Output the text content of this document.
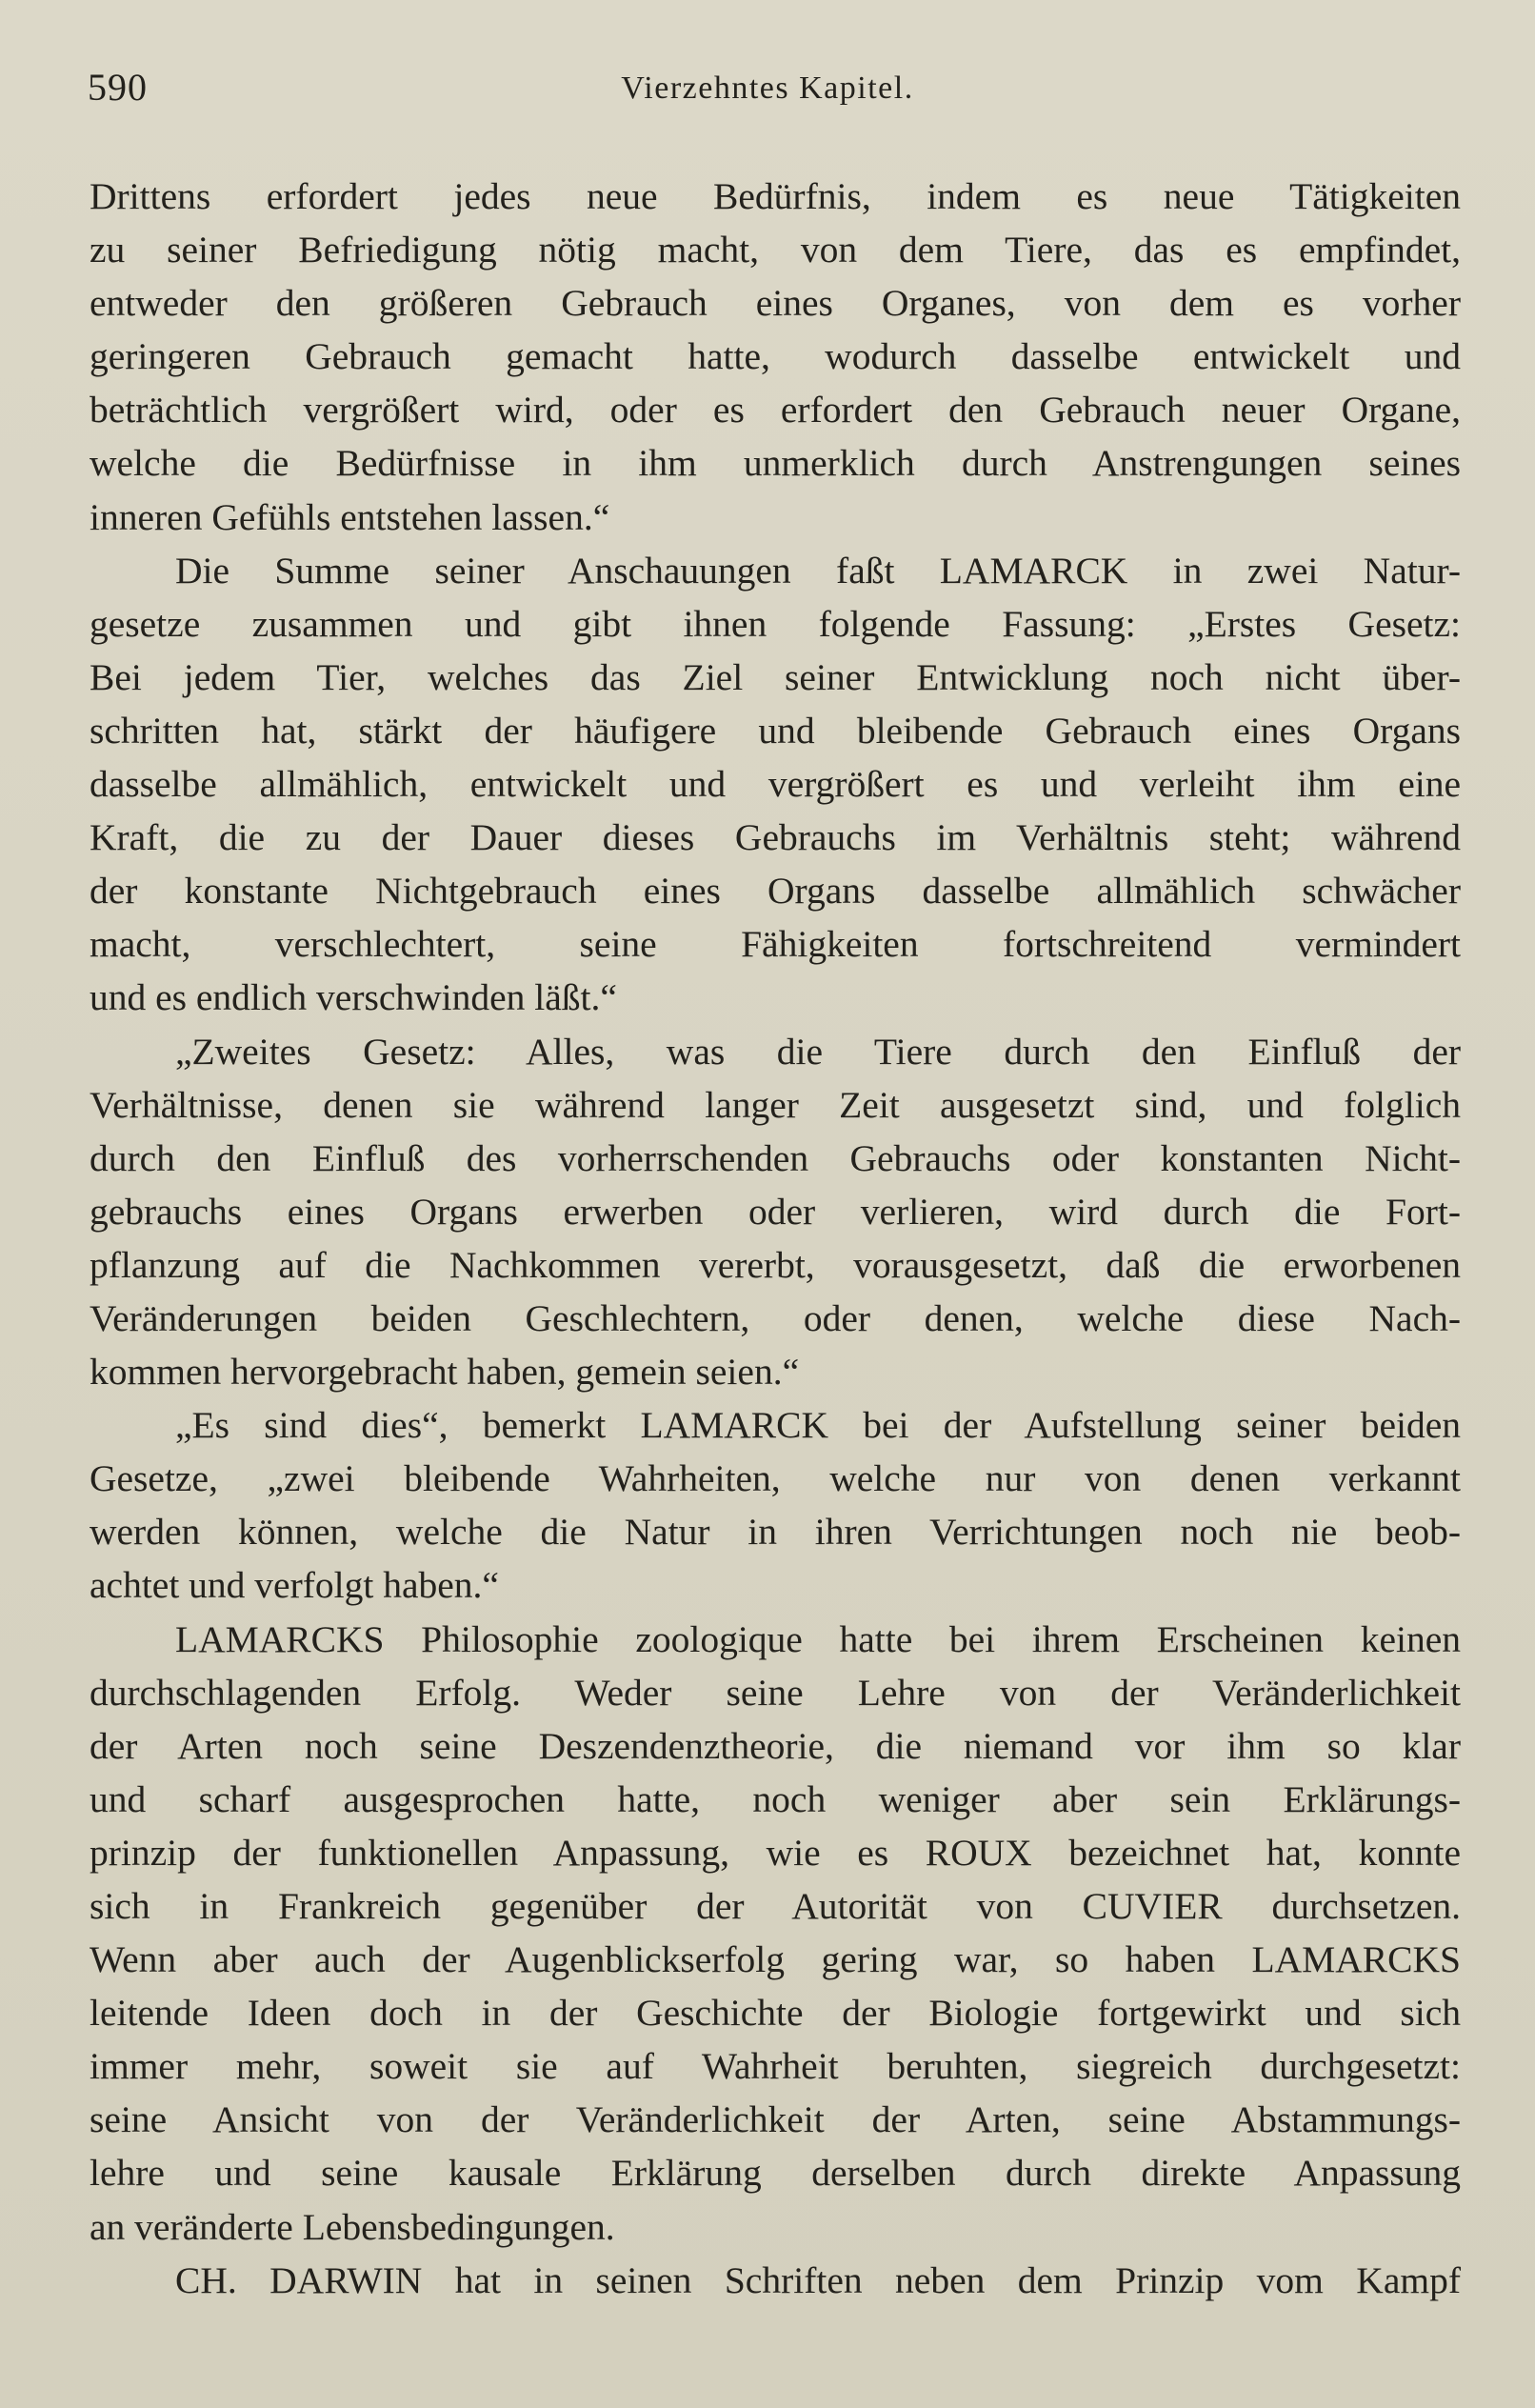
590	Vierzehntes Kapitel.
Drittens erfordert jedes neue Bedürfnis, indem es neue Tätigkeiten
zu seiner Befriedigung nötig macht, von dem Tiere, das es empfindet,
entweder den größeren Gebrauch eines Organes, von dem es vorher
geringeren Gebrauch gemacht hatte, wodurch dasselbe entwickelt und
beträchtlich vergrößert wird, oder es erfordert den Gebrauch neuer Organe,
welche die Bedürfnisse in ihm unmerklich durch Anstrengungen seines
inneren Gefühls entstehen lassen.“
Die Summe seiner Anschauungen faßt LAMARCK in zwei Natur-
gesetze zusammen und gibt ihnen folgende Fassung: „Erstes Gesetz:
Bei jedem Tier, welches das Ziel seiner Entwicklung noch nicht über-
schritten hat, stärkt der häufigere und bleibende Gebrauch eines Organs
dasselbe allmählich, entwickelt und vergrößert es und verleiht ihm eine
Kraft, die zu der Dauer dieses Gebrauchs im Verhältnis steht; während
der konstante Nichtgebrauch eines Organs dasselbe allmählich schwächer
macht, verschlechtert, seine Fähigkeiten fortschreitend vermindert
und es endlich verschwinden läßt.“
„Zweites Gesetz: Alles, was die Tiere durch den Einfluß der
Verhältnisse, denen sie während langer Zeit ausgesetzt sind, und folglich
durch den Einfluß des vorherrschenden Gebrauchs oder konstanten Nicht-
gebrauchs eines Organs erwerben oder verlieren, wird durch die Fort-
pflanzung auf die Nachkommen vererbt, vorausgesetzt, daß die erworbenen
Veränderungen beiden Geschlechtern, oder denen, welche diese Nach-
kommen hervorgebracht haben, gemein seien.“
„Es sind dies“, bemerkt LAMARCK bei der Aufstellung seiner beiden
Gesetze, „zwei bleibende Wahrheiten, welche nur von denen verkannt
werden können, welche die Natur in ihren Verrichtungen noch nie beob-
achtet und verfolgt haben.“
LAMARCKS Philosophie zoologique hatte bei ihrem Erscheinen keinen
durchschlagenden Erfolg. Weder seine Lehre von der Veränderlichkeit
der Arten noch seine Deszendenztheorie, die niemand vor ihm so klar
und scharf ausgesprochen hatte, noch weniger aber sein Erklärungs-
prinzip der funktionellen Anpassung, wie es ROUX bezeichnet hat, konnte
sich in Frankreich gegenüber der Autorität von CUVIER durchsetzen.
Wenn aber auch der Augenblickserfolg gering war, so haben LAMARCKS
leitende Ideen doch in der Geschichte der Biologie fortgewirkt und sich
immer mehr, soweit sie auf Wahrheit beruhten, siegreich durchgesetzt:
seine Ansicht von der Veränderlichkeit der Arten, seine Abstammungs-
lehre und seine kausale Erklärung derselben durch direkte Anpassung
an veränderte Lebensbedingungen.
CH. DARWIN hat in seinen Schriften neben dem Prinzip vom Kampf
